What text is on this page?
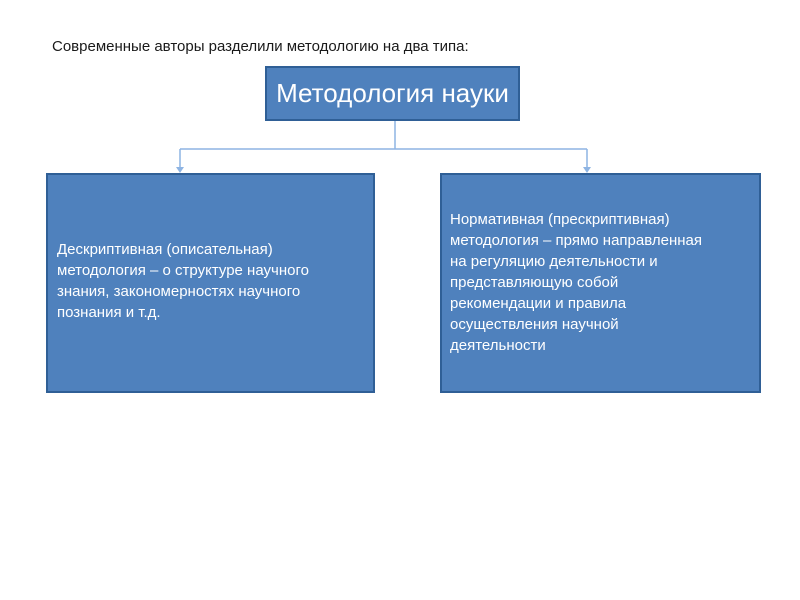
Современные авторы разделили методологию на два типа:
Методология науки
Дескриптивная (описательная)
методология – о структуре научного
знания, закономерностях научного
познания и т.д.
Нормативная (прескриптивная)
методология – прямо направленная
на регуляцию деятельности и
представляющую собой
рекомендации и правила
осуществления научной
деятельности
